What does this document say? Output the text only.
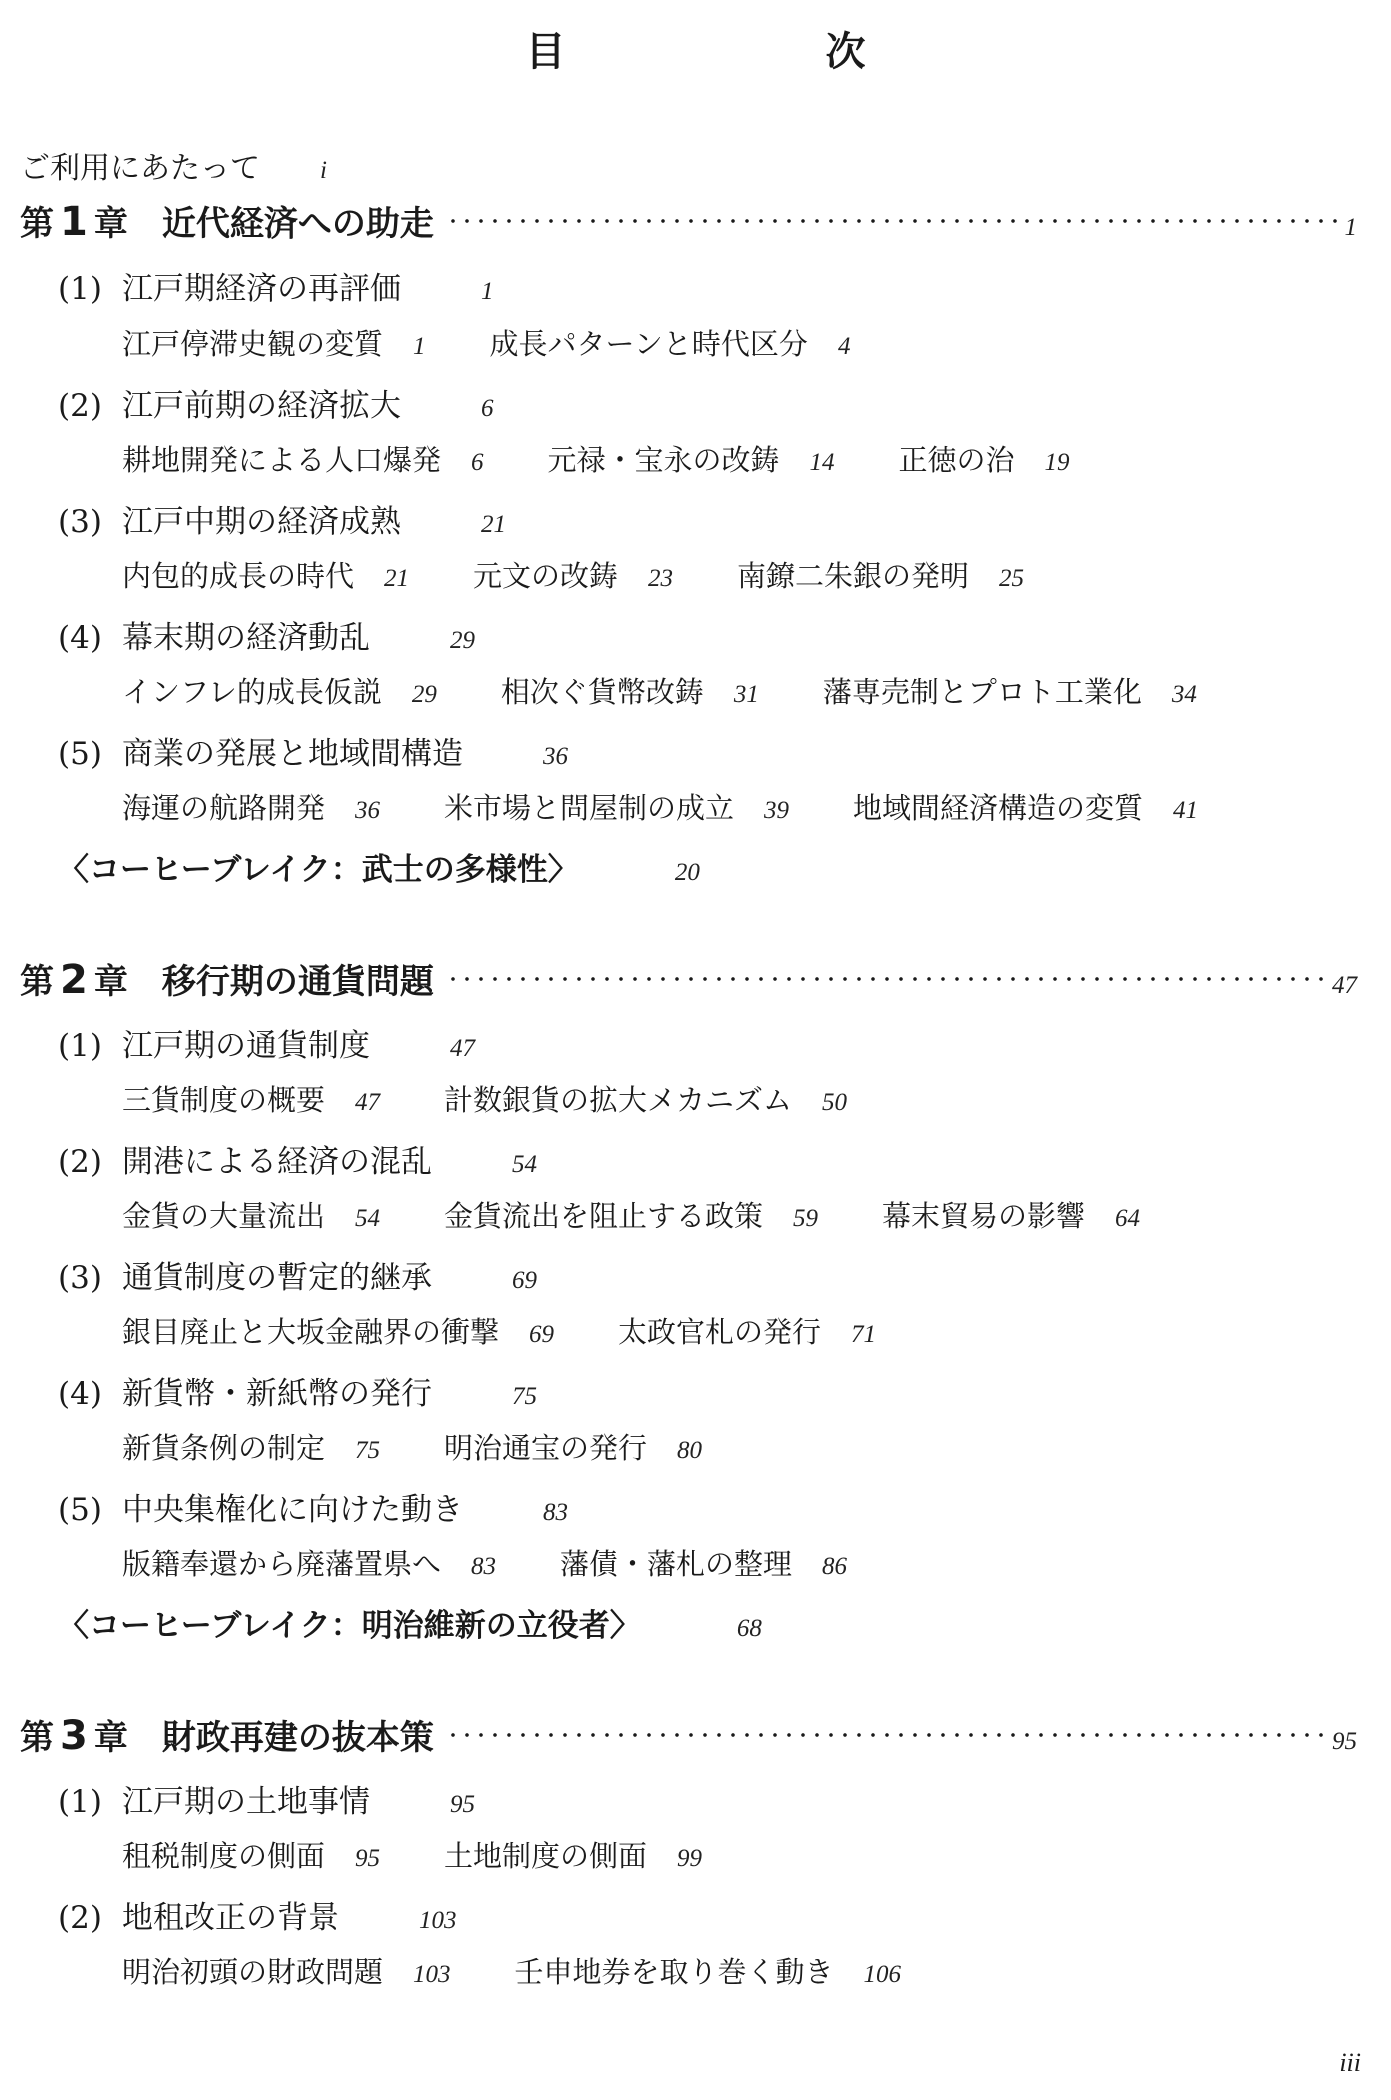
目　次
ご利用にあたって i
第 1 章 近代経済への助走	1
(1) 江戸期経済の再評価	1
江戸停滞史観の変質 1 成長パターンと時代区分 4
(2) 江戸前期の経済拡大	6
耕地開発による人口爆発 6 元禄・宝永の改鋳 14 正徳の治 19
(3) 江戸中期の経済成熟	21
内包的成長の時代 21 元文の改鋳 23 南鐐二朱銀の発明 25
(4) 幕末期の経済動乱	29
インフレ的成長仮説 29 相次ぐ貨幣改鋳 31 藩専売制とプロト工業化 34
(5) 商業の発展と地域間構造	36
海運の航路開発 36 米市場と問屋制の成立 39 地域間経済構造の変質 41
〈コーヒーブレイク：武士の多様性〉	20
第 2 章 移行期の通貨問題	47
(1) 江戸期の通貨制度	47
三貨制度の概要 47 計数銀貨の拡大メカニズム 50
(2) 開港による経済の混乱	54
金貨の大量流出 54 金貨流出を阻止する政策 59 幕末貿易の影響 64
(3) 通貨制度の暫定的継承	69
銀目廃止と大坂金融界の衝撃 69 太政官札の発行 71
(4) 新貨幣・新紙幣の発行	75
新貨条例の制定 75 明治通宝の発行 80
(5) 中央集権化に向けた動き	83
版籍奉還から廃藩置県へ 83 藩債・藩札の整理 86
〈コーヒーブレイク：明治維新の立役者〉	68
第 3 章 財政再建の抜本策	95
(1) 江戸期の土地事情	95
租税制度の側面 95 土地制度の側面 99
(2) 地租改正の背景	103
明治初頭の財政問題 103 壬申地券を取り巻く動き 106
iii
